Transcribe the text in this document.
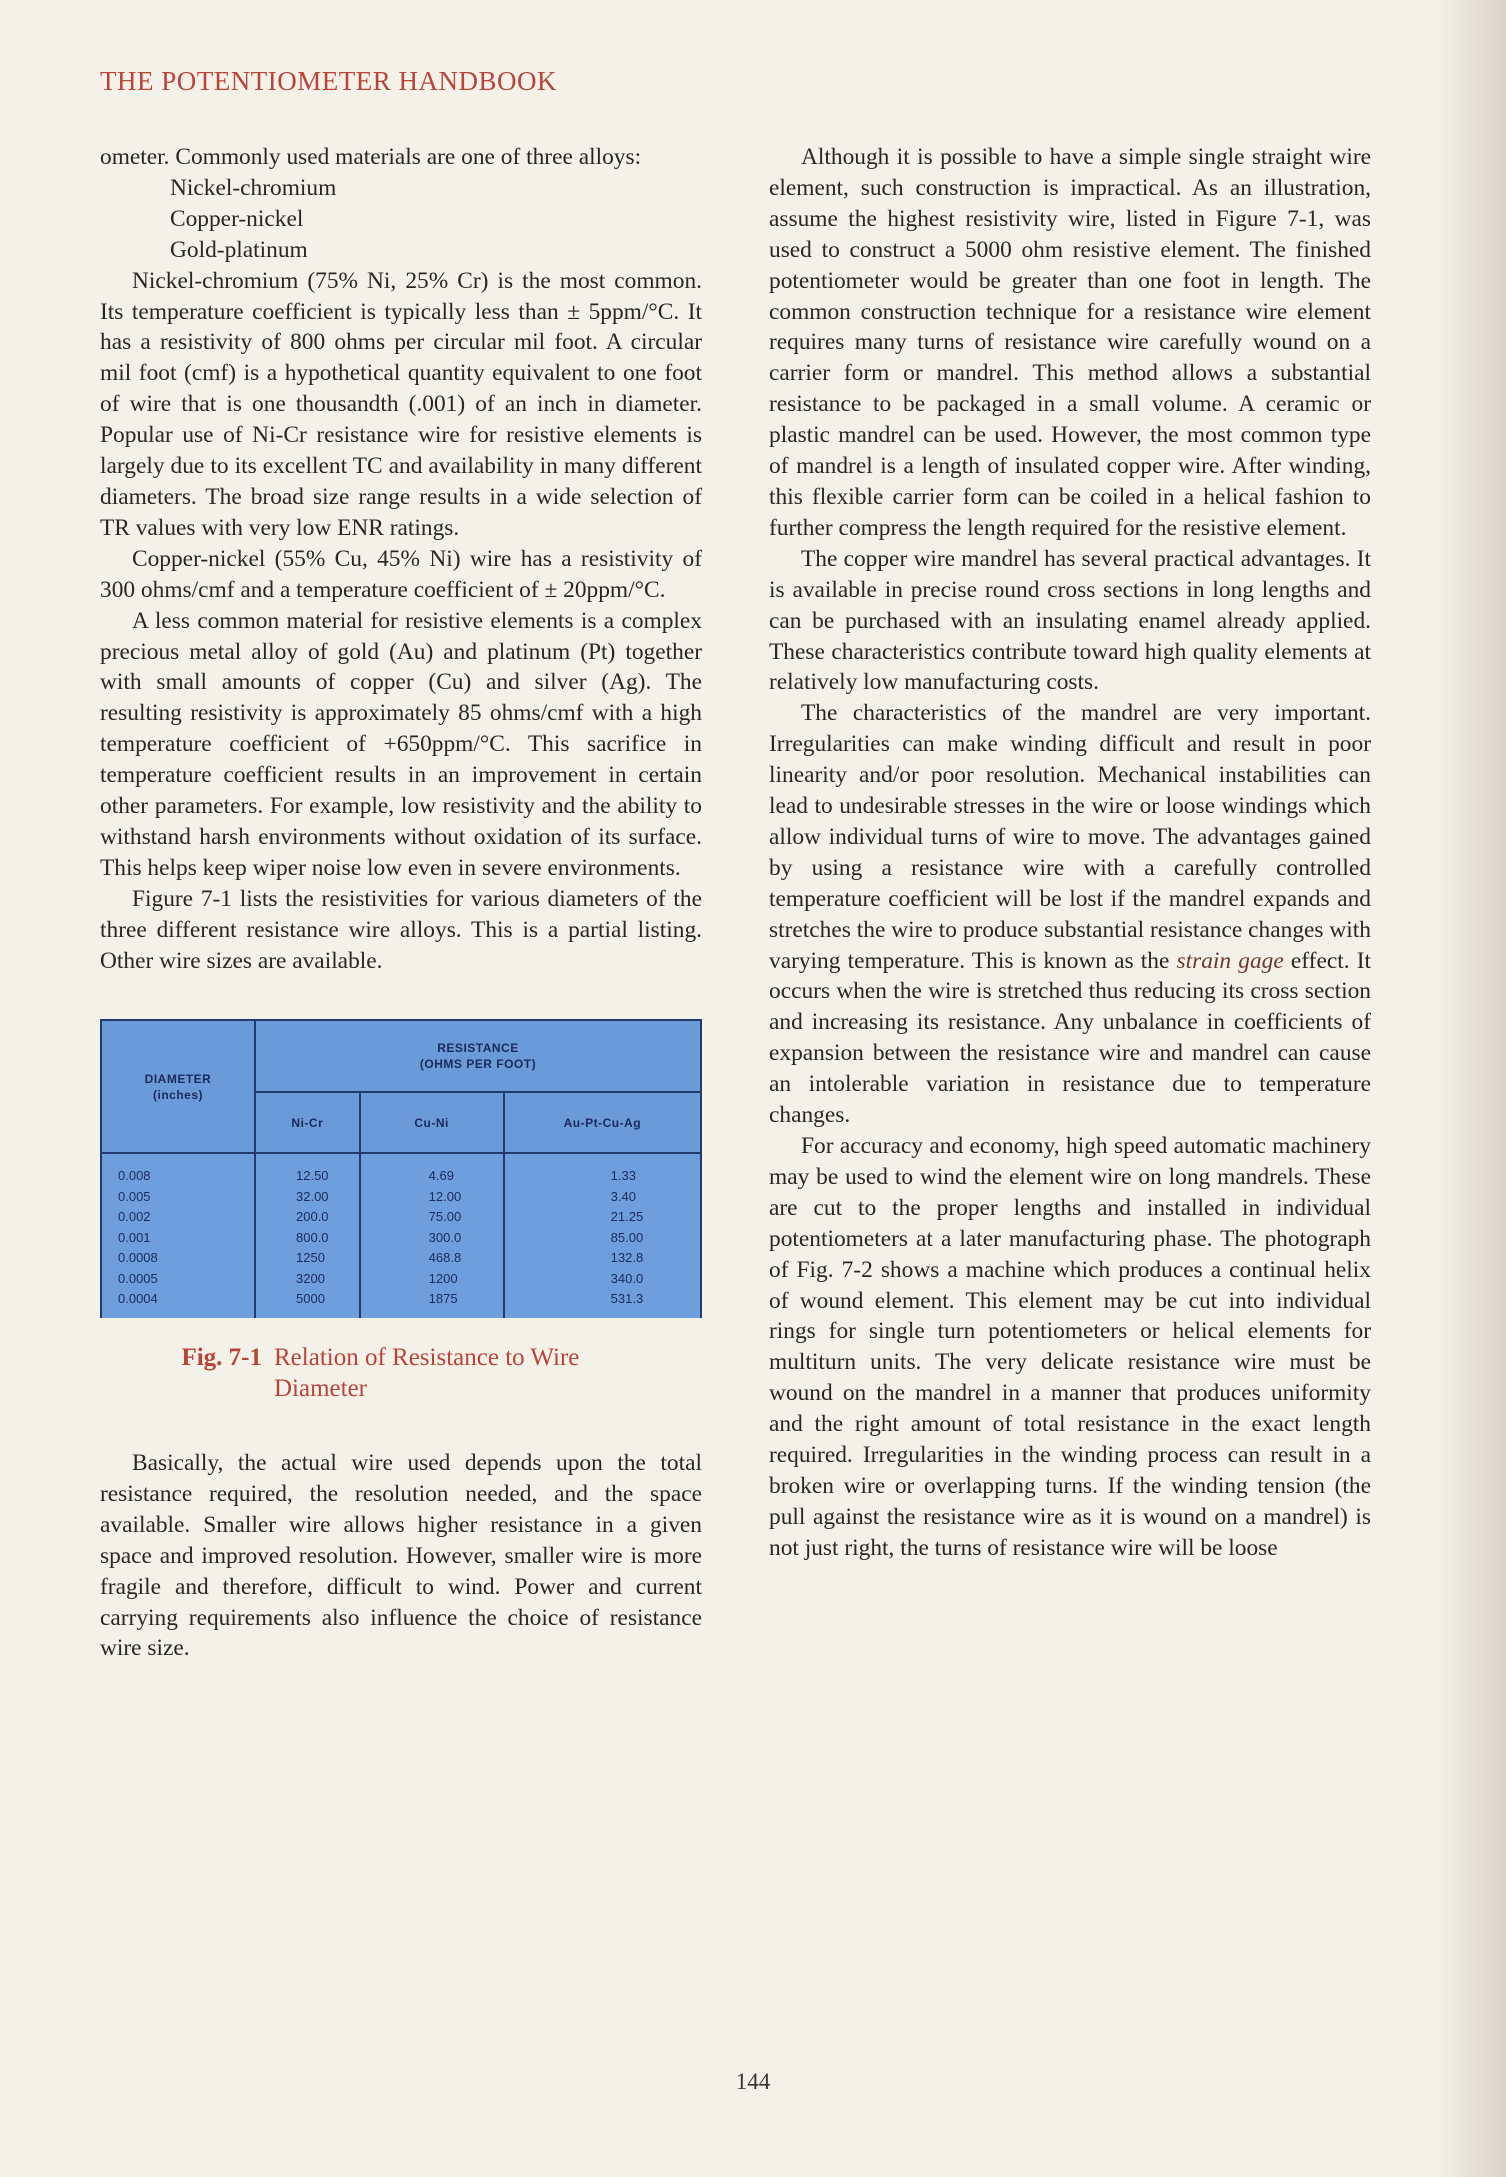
THE POTENTIOMETER HANDBOOK

ometer. Commonly used materials are one of three alloys:

Nickel-chromium
Copper-nickel
Gold-platinum

Nickel-chromium (75% Ni, 25% Cr) is the most common. Its temperature coefficient is typically less than ± 5ppm/°C. It has a resistivity of 800 ohms per circular mil foot. A circular mil foot (cmf) is a hypothetical quantity equivalent to one foot of wire that is one thousandth (.001) of an inch in diameter. Popular use of Ni-Cr resistance wire for resistive elements is largely due to its excellent TC and availability in many different diameters. The broad size range results in a wide selection of TR values with very low ENR ratings.

Copper-nickel (55% Cu, 45% Ni) wire has a resistivity of 300 ohms/cmf and a temperature coefficient of ± 20ppm/°C.

A less common material for resistive elements is a complex precious metal alloy of gold (Au) and platinum (Pt) together with small amounts of copper (Cu) and silver (Ag). The resulting resistivity is approximately 85 ohms/cmf with a high temperature coefficient of +650ppm/°C. This sacrifice in temperature coefficient results in an improvement in certain other parameters. For example, low resistivity and the ability to withstand harsh environments without oxidation of its surface. This helps keep wiper noise low even in severe environments.

Figure 7-1 lists the resistivities for various diameters of the three different resistance wire alloys. This is a partial listing. Other wire sizes are available.

DIAMETER
(inches)	RESISTANCE
(OHMS PER FOOT)		

	Ni-Cr	Cu-Ni	Au-Pt-Cu-Ag
0.008	12.50	4.69	1.33
0.005	32.00	12.00	3.40
0.002	200.0	75.00	21.25
0.001	800.0	300.0	85.00
0.0008	1250	468.8	132.8
0.0005	3200	1200	340.0
0.0004	5000	1875	531.3
Fig. 7-1 Relation of Resistance to Wire Diameter

Basically, the actual wire used depends upon the total resistance required, the resolution needed, and the space available. Smaller wire allows higher resistance in a given space and improved resolution. However, smaller wire is more fragile and therefore, difficult to wind. Power and current carrying requirements also influence the choice of resistance wire size.

Although it is possible to have a simple single straight wire element, such construction is impractical. As an illustration, assume the highest resistivity wire, listed in Figure 7-1, was used to construct a 5000 ohm resistive element. The finished potentiometer would be greater than one foot in length. The common construction technique for a resistance wire element requires many turns of resistance wire carefully wound on a carrier form or mandrel. This method allows a substantial resistance to be packaged in a small volume. A ceramic or plastic mandrel can be used. However, the most common type of mandrel is a length of insulated copper wire. After winding, this flexible carrier form can be coiled in a helical fashion to further compress the length required for the resistive element.

The copper wire mandrel has several practical advantages. It is available in precise round cross sections in long lengths and can be purchased with an insulating enamel already applied. These characteristics contribute toward high quality elements at relatively low manufacturing costs.

The characteristics of the mandrel are very important. Irregularities can make winding difficult and result in poor linearity and/or poor resolution. Mechanical instabilities can lead to undesirable stresses in the wire or loose windings which allow individual turns of wire to move. The advantages gained by using a resistance wire with a carefully controlled temperature coefficient will be lost if the mandrel expands and stretches the wire to produce substantial resistance changes with varying temperature. This is known as the strain gage effect. It occurs when the wire is stretched thus reducing its cross section and increasing its resistance. Any unbalance in coefficients of expansion between the resistance wire and mandrel can cause an intolerable variation in resistance due to temperature changes.

For accuracy and economy, high speed automatic machinery may be used to wind the element wire on long mandrels. These are cut to the proper lengths and installed in individual potentiometers at a later manufacturing phase. The photograph of Fig. 7-2 shows a machine which produces a continual helix of wound element. This element may be cut into individual rings for single turn potentiometers or helical elements for multiturn units. The very delicate resistance wire must be wound on the mandrel in a manner that produces uniformity and the right amount of total resistance in the exact length required. Irregularities in the winding process can result in a broken wire or overlapping turns. If the winding tension (the pull against the resistance wire as it is wound on a mandrel) is not just right, the turns of resistance wire will be loose

144
